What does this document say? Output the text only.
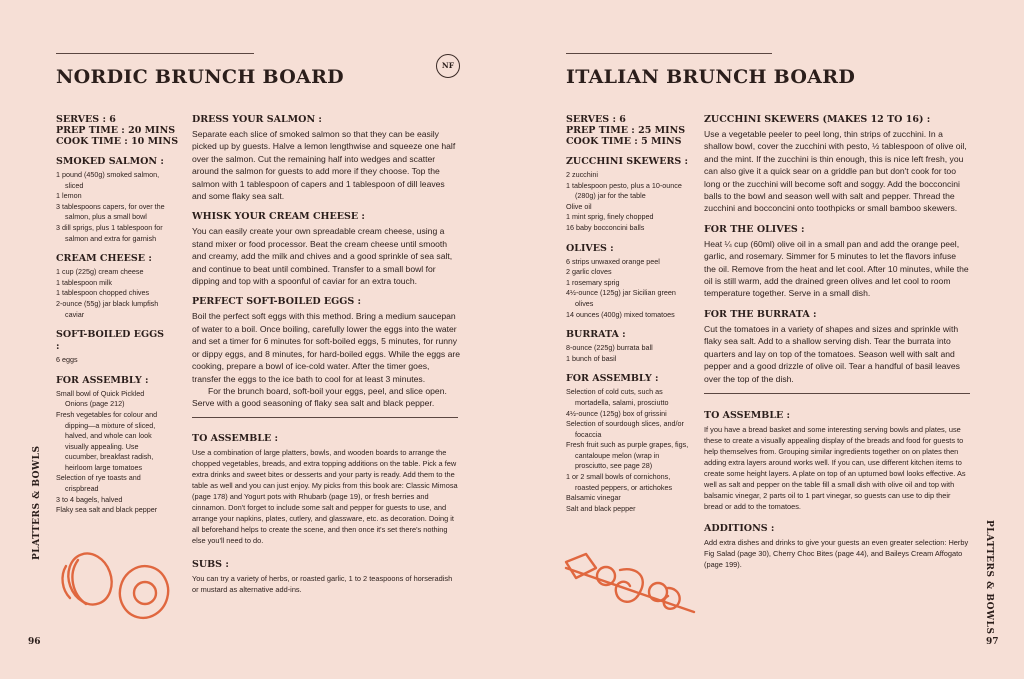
NORDIC BRUNCH BOARD
NF
SERVES : 6
PREP TIME : 20 MINS
COOK TIME : 10 MINS
SMOKED SALMON :
1 pound (450g) smoked salmon, sliced
1 lemon
3 tablespoons capers, for over the salmon, plus a small bowl
3 dill sprigs, plus 1 tablespoon for salmon and extra for garnish
CREAM CHEESE :
1 cup (225g) cream cheese
1 tablespoon milk
1 tablespoon chopped chives
2-ounce (55g) jar black lumpfish caviar
SOFT-BOILED EGGS :
6 eggs
FOR ASSEMBLY :
Small bowl of Quick Pickled Onions (page 212)
Fresh vegetables for colour and dipping—a mixture of sliced, halved, and whole can look visually appealing. Use cucumber, breakfast radish, heirloom large tomatoes
Selection of rye toasts and crispbread
3 to 4 bagels, halved
Flaky sea salt and black pepper
DRESS YOUR SALMON :

Separate each slice of smoked salmon so that they can be easily picked up by guests. Halve a lemon lengthwise and squeeze one half over the salmon. Cut the remaining half into wedges and scatter around the salmon for guests to add more if they choose. Top the salmon with 1 tablespoon of capers and 1 tablespoon of dill leaves and some flaky sea salt.

WHISK YOUR CREAM CHEESE :

You can easily create your own spreadable cream cheese, using a stand mixer or food processor. Beat the cream cheese until smooth and creamy, add the milk and chives and a good sprinkle of sea salt, and continue to beat until combined. Transfer to a small bowl for dipping and top with a spoonful of caviar for an extra touch.

PERFECT SOFT-BOILED EGGS :

Boil the perfect soft eggs with this method. Bring a medium saucepan of water to a boil. Once boiling, carefully lower the eggs into the water and set a timer for 6 minutes for soft-boiled eggs, 5 minutes, for runny or dippy eggs, and 8 minutes, for hard-boiled eggs. While the eggs are cooking, prepare a bowl of ice-cold water. After the timer goes, transfer the eggs to the ice bath to cool for at least 3 minutes.

For the brunch board, soft-boil your eggs, peel, and slice open. Serve with a good seasoning of flaky sea salt and black pepper.

TO ASSEMBLE :

Use a combination of large platters, bowls, and wooden boards to arrange the chopped vegetables, breads, and extra topping additions on the table. Pick a few extra drinks and sweet bites or desserts and your party is ready. Add them to the table as well and you can just enjoy. My picks from this book are: Classic Mimosa (page 178) and Yogurt pots with Rhubarb (page 19), or fresh berries and cinnamon. Don't forget to include some salt and pepper for guests to use, and arrange your napkins, plates, cutlery, and glassware, etc. as decoration. Doing it all beforehand helps to create the scene, and then once it's set there's nothing else you'll need to do.

SUBS :

You can try a variety of herbs, or roasted garlic, 1 to 2 teaspoons of horseradish or mustard as alternative add-ins.

PLATTERS & BOWLS
96
ITALIAN BRUNCH BOARD
SERVES : 6
PREP TIME : 25 MINS
COOK TIME : 5 MINS
ZUCCHINI SKEWERS :
2 zucchini
1 tablespoon pesto, plus a 10-ounce (280g) jar for the table
Olive oil
1 mint sprig, finely chopped
16 baby bocconcini balls
OLIVES :
6 strips unwaxed orange peel
2 garlic cloves
1 rosemary sprig
4½-ounce (125g) jar Sicilian green olives
14 ounces (400g) mixed tomatoes
BURRATA :
8-ounce (225g) burrata ball
1 bunch of basil
FOR ASSEMBLY :
Selection of cold cuts, such as mortadella, salami, prosciutto
4½-ounce (125g) box of grissini
Selection of sourdough slices, and/or focaccia
Fresh fruit such as purple grapes, figs, cantaloupe melon (wrap in prosciutto, see page 28)
1 or 2 small bowls of cornichons, roasted peppers, or artichokes
Balsamic vinegar
Salt and black pepper
ZUCCHINI SKEWERS (MAKES 12 TO 16) :

Use a vegetable peeler to peel long, thin strips of zucchini. In a shallow bowl, cover the zucchini with pesto, ½ tablespoon of olive oil, and the mint. If the zucchini is thin enough, this is nice left fresh, you can also give it a quick sear on a griddle pan but don't cook for too long or the zucchini will become soft and soggy. Add the bocconcini balls to the bowl and season well with salt and pepper. Thread the zucchini and bocconcini onto toothpicks or small bamboo skewers.

FOR THE OLIVES :

Heat ¼ cup (60ml) olive oil in a small pan and add the orange peel, garlic, and rosemary. Simmer for 5 minutes to let the flavors infuse the oil. Remove from the heat and let cool. After 10 minutes, while the oil is still warm, add the drained green olives and let cool to room temperature together. Serve in a small dish.

FOR THE BURRATA :

Cut the tomatoes in a variety of shapes and sizes and sprinkle with flaky sea salt. Add to a shallow serving dish. Tear the burrata into quarters and lay on top of the tomatoes. Season well with salt and pepper and a good drizzle of olive oil. Tear a handful of basil leaves over the top of the dish.

TO ASSEMBLE :

If you have a bread basket and some interesting serving bowls and plates, use these to create a visually appealing display of the breads and food for guests to help themselves from. Grouping similar ingredients together on on plates then adding extra layers around works well. If you can, use different kitchen items to create some height layers. A plate on top of an upturned bowl looks effective. As well as salt and pepper on the table fill a small dish with olive oil and top with balsamic vinegar, 2 parts oil to 1 part vinegar, so guests can use to dip their bread or add to the tomatoes.

ADDITIONS :

Add extra dishes and drinks to give your guests an even greater selection: Herby Fig Salad (page 30), Cherry Choc Bites (page 44), and Baileys Cream Affogato (page 199).	PLATTERS & BOWLS
97
